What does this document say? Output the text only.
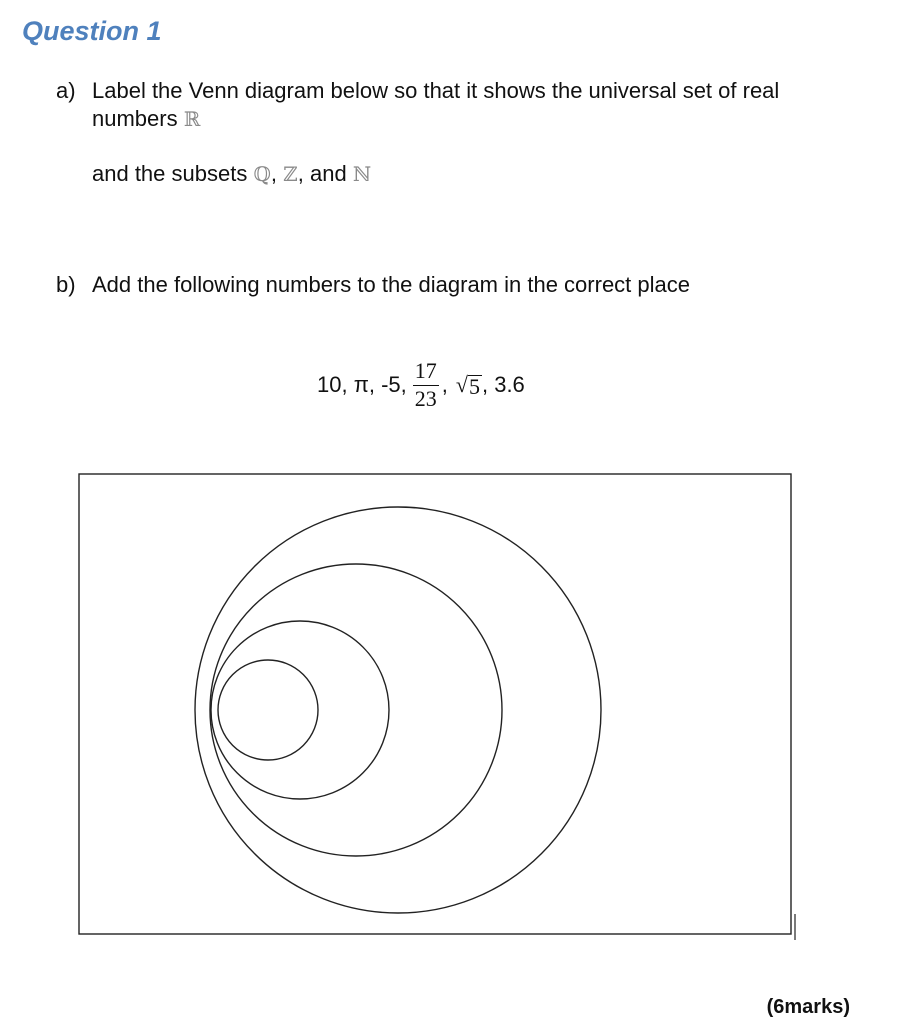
Question 1
a) Label the Venn diagram below so that it shows the universal set of real
numbers ℝ
and the subsets ℚ, ℤ, and ℕ
b) Add the following numbers to the diagram in the correct place
10, π, -5, $\frac{17}{23}$ , √ 5 , 3.6
(6marks)
